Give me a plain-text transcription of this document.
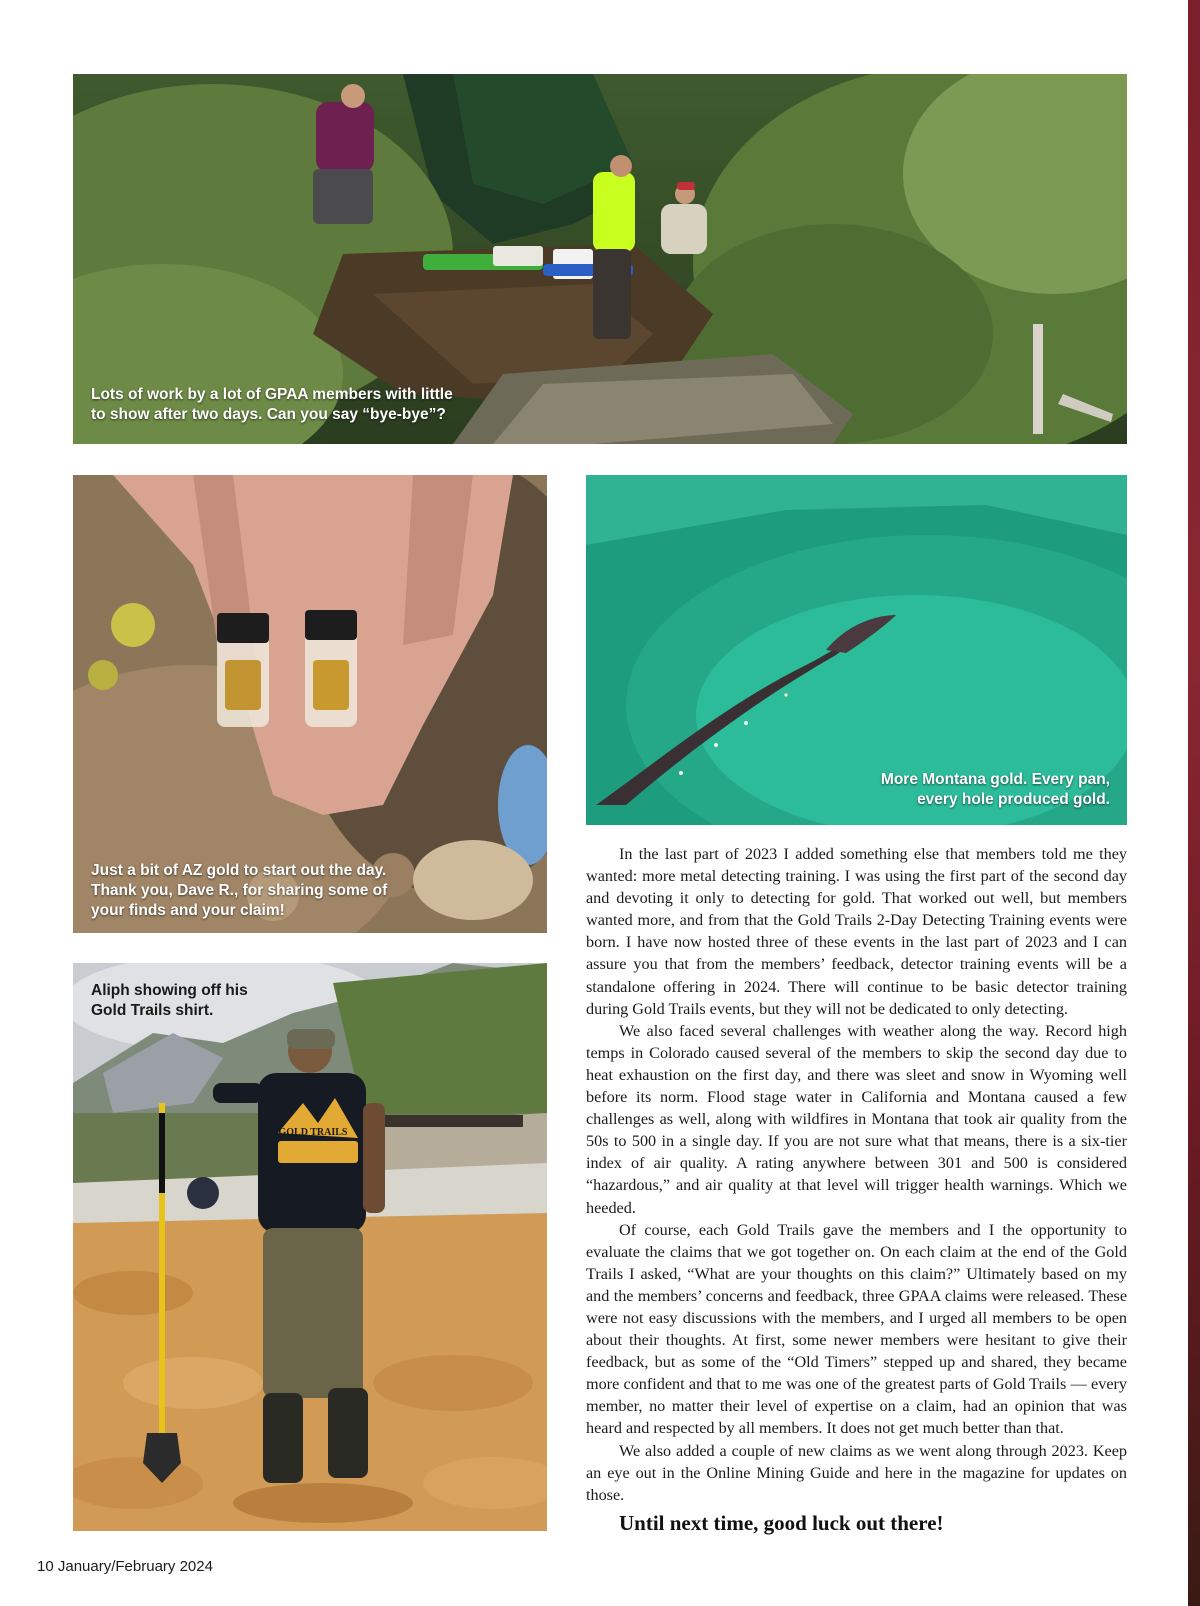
Lots of work by a lot of GPAA members with little to show after two days. Can you say “bye-bye”?
Just a bit of AZ gold to start out the day. Thank you, Dave R., for sharing some of your finds and your claim!
More Montana gold. Every pan, every hole produced gold.
Aliph showing off his Gold Trails shirt.
GOLD TRAILS

In the last part of 2023 I added something else that members told me they wanted: more metal detecting training. I was using the first part of the second day and devoting it only to detecting for gold. That worked out well, but members wanted more, and from that the Gold Trails 2-Day Detecting Training events were born. I have now hosted three of these events in the last part of 2023 and I can assure you that from the members’ feedback, detector training events will be a standalone offering in 2024. There will continue to be basic detector training during Gold Trails events, but they will not be dedicated to only detecting.

We also faced several challenges with weather along the way. Record high temps in Colorado caused several of the members to skip the second day due to heat exhaustion on the first day, and there was sleet and snow in Wyoming well before its norm. Flood stage water in California and Montana caused a few challenges as well, along with wildfires in Montana that took air quality from the 50s to 500 in a single day. If you are not sure what that means, there is a six-tier index of air quality. A rating anywhere between 301 and 500 is considered “hazardous,” and air quality at that level will trigger health warnings. Which we heeded.

Of course, each Gold Trails gave the members and I the opportunity to evaluate the claims that we got together on. On each claim at the end of the Gold Trails I asked, “What are your thoughts on this claim?” Ultimately based on my and the members’ concerns and feedback, three GPAA claims were released. These were not easy discussions with the members, and I urged all members to be open about their thoughts. At first, some newer members were hesitant to give their feedback, but as some of the “Old Timers” stepped up and shared, they became more confident and that to me was one of the greatest parts of Gold Trails — every member, no matter their level of expertise on a claim, had an opinion that was heard and respected by all members. It does not get much better than that.

We also added a couple of new claims as we went along through 2023. Keep an eye out in the Online Mining Guide and here in the magazine for updates on those.

Until next time, good luck out there!
10 January/February 2024
